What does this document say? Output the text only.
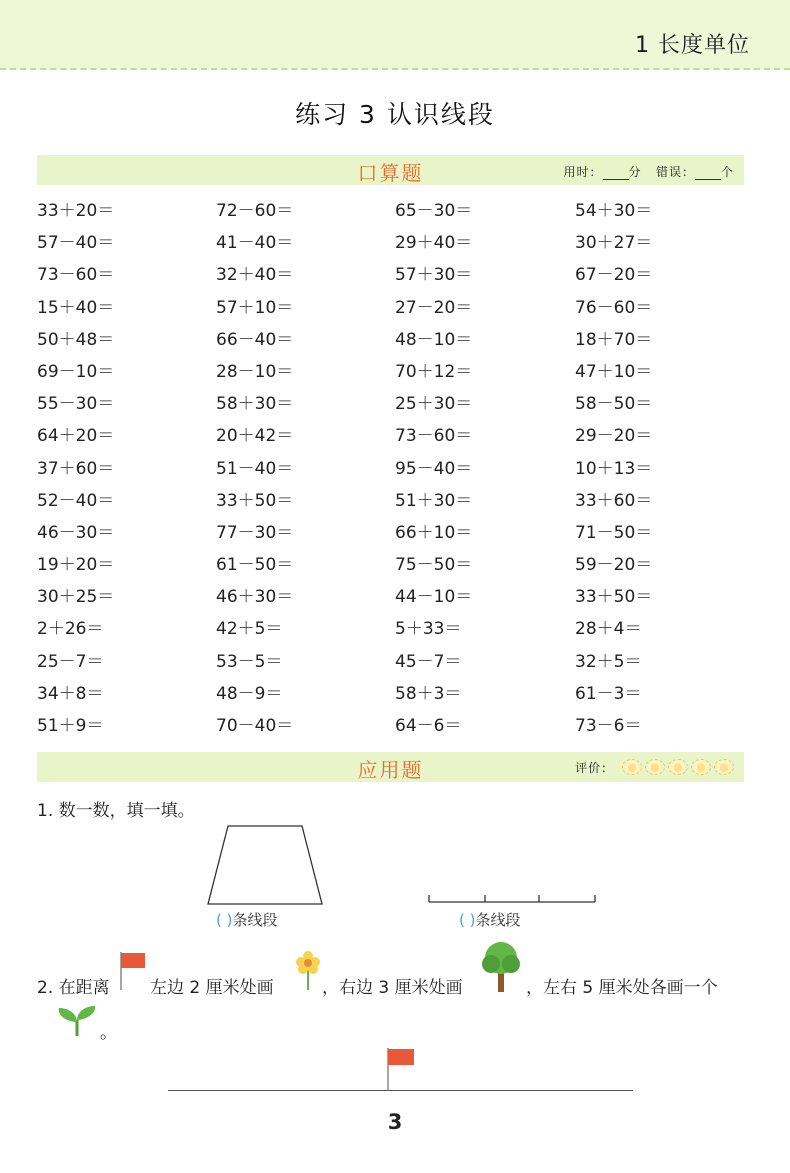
1 长度单位
练习 3 认识线段
口算题	用时： 分 错误： 个
33＋20＝	72－60＝	65－30＝	54＋30＝
57－40＝	41－40＝	29＋40＝	30＋27＝
73－60＝	32＋40＝	57＋30＝	67－20＝
15＋40＝	57＋10＝	27－20＝	76－60＝
50＋48＝	66－40＝	48－10＝	18＋70＝
69－10＝	28－10＝	70＋12＝	47＋10＝
55－30＝	58＋30＝	25＋30＝	58－50＝
64＋20＝	20＋42＝	73－60＝	29－20＝
37＋60＝	51－40＝	95－40＝	10＋13＝
52－40＝	33＋50＝	51＋30＝	33＋60＝
46－30＝	77－30＝	66＋10＝	71－50＝
19＋20＝	61－50＝	75－50＝	59－20＝
30＋25＝	46＋30＝	44－10＝	33＋50＝
2＋26＝	42＋5＝	5＋33＝	28＋4＝
25－7＝	53－5＝	45－7＝	32＋5＝
34＋8＝	48－9＝	58＋3＝	61－3＝
51＋9＝	70－40＝	64－6＝	73－6＝
应用题	评价：
1. 数一数，填一填。
( )条线段	( )条线段
2. 在距离 左边 2 厘米处画	，右边 3 厘米处画	，左右 5 厘米处各画一个
。
3
